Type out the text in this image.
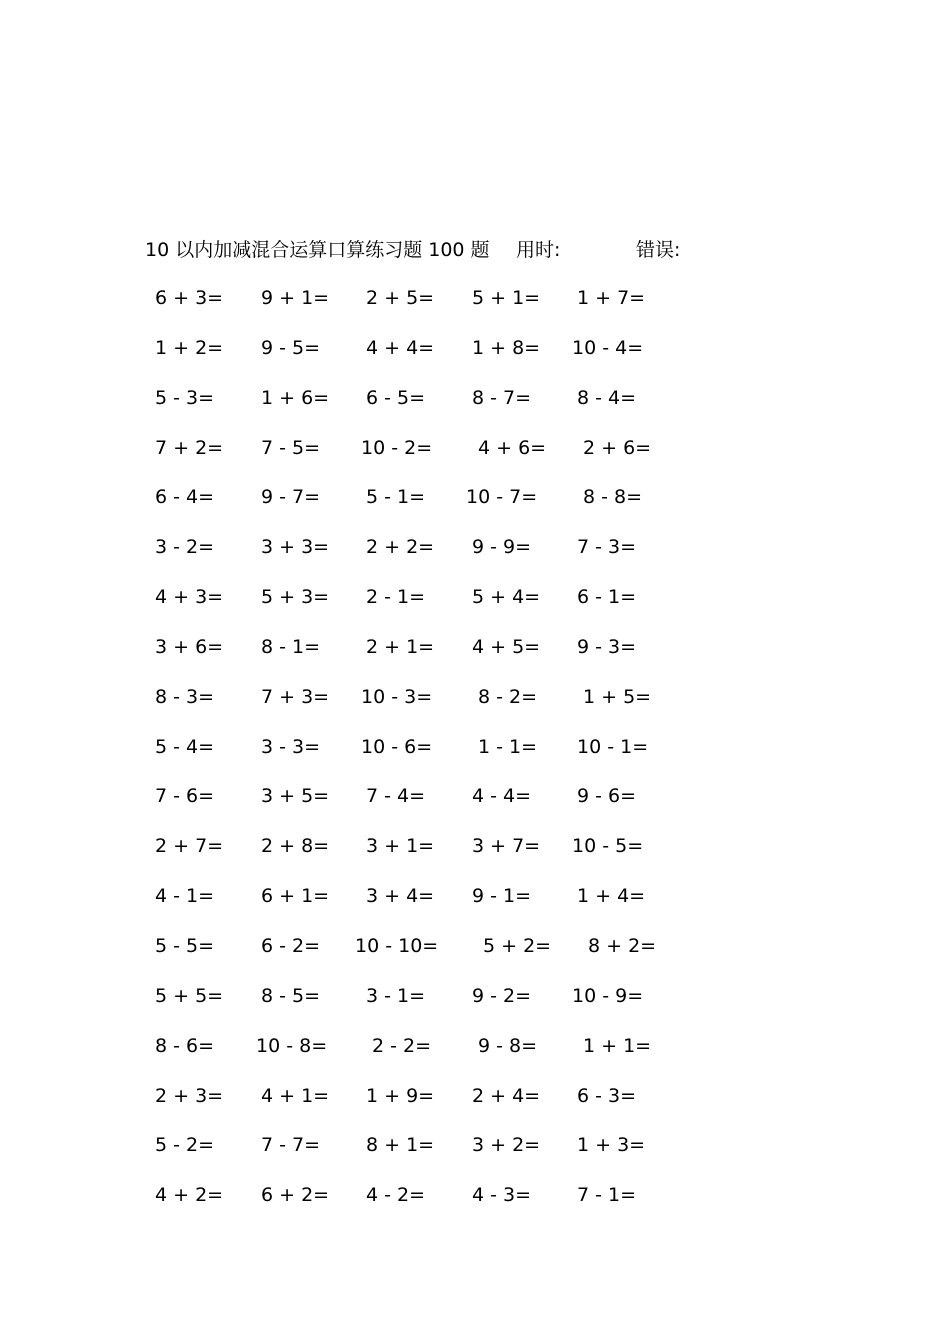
10 以内加减混合运算口算练习题 100 题 用时:	错误:
6 + 3= 9 + 1= 2 + 5= 5 + 1= 1 + 7=
1 + 2= 9 - 5= 4 + 4= 1 + 8= 10 - 4=
5 - 3= 1 + 6= 6 - 5= 8 - 7= 8 - 4=
7 + 2= 7 - 5= 10 - 2= 4 + 6= 2 + 6=
6 - 4= 9 - 7= 5 - 1= 10 - 7= 8 - 8=
3 - 2= 3 + 3= 2 + 2= 9 - 9= 7 - 3=
4 + 3= 5 + 3= 2 - 1= 5 + 4= 6 - 1=
3 + 6= 8 - 1= 2 + 1= 4 + 5= 9 - 3=
8 - 3= 7 + 3= 10 - 3= 8 - 2= 1 + 5=
5 - 4= 3 - 3= 10 - 6= 1 - 1= 10 - 1=
7 - 6= 3 + 5= 7 - 4= 4 - 4= 9 - 6=
2 + 7= 2 + 8= 3 + 1= 3 + 7= 10 - 5=
4 - 1= 6 + 1= 3 + 4= 9 - 1= 1 + 4=
5 - 5= 6 - 2= 10 - 10= 5 + 2= 8 + 2=
5 + 5= 8 - 5= 3 - 1= 9 - 2= 10 - 9=
8 - 6= 10 - 8= 2 - 2= 9 - 8= 1 + 1=
2 + 3= 4 + 1= 1 + 9= 2 + 4= 6 - 3=
5 - 2= 7 - 7= 8 + 1= 3 + 2= 1 + 3=
4 + 2= 6 + 2= 4 - 2= 4 - 3= 7 - 1=
